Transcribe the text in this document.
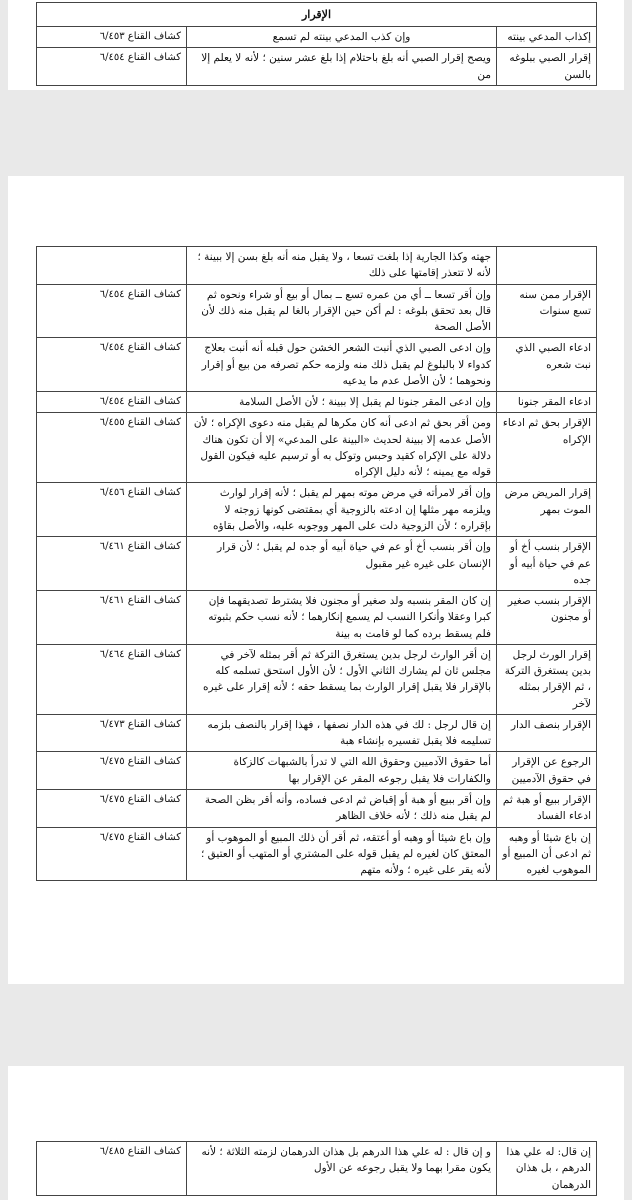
الإقرار		
إكذاب المدعي بينته	وإن كذب المدعي بينته لم تسمع	كشاف القناع ٦/٤٥٣
إقرار الصبي ببلوغه بالسن	ويصح إقرار الصبي أنه بلغ باحتلام إذا بلغ عشر سنين ؛ لأنه لا يعلم إلا من	كشاف القناع ٦/٤٥٤
	جهته وكذا الجارية إذا بلغت تسعا ، ولا يقبل منه أنه بلغ بسن إلا ببينة ؛ لأنه لا تتعذر إقامتها على ذلك	
الإقرار ممن سنه تسع سنوات	وإن أقر تسعا ــ أي من عمره تسع ــ بمال أو بيع أو شراء ونحوه ثم قال بعد تحقق بلوغه : لم أكن حين الإقرار بالغا لم يقبل منه ذلك لأن الأصل الصحة	كشاف القناع ٦/٤٥٤
ادعاء الصبي الذي نبت شعره	وإن ادعى الصبي الذي أنبت الشعر الخشن حول قبله أنه أنبت بعلاج كدواء لا بالبلوغ لم يقبل ذلك منه ولزمه حكم تصرفه من بيع أو إقرار ونحوهما ؛ لأن الأصل عدم ما يدعيه	كشاف القناع ٦/٤٥٤
ادعاء المقر جنونا	وإن ادعى المقر جنونا لم يقبل إلا ببينة ؛ لأن الأصل السلامة	كشاف القناع ٦/٤٥٤
الإقرار بحق ثم ادعاء الإكراه	ومن أقر بحق ثم ادعى أنه كان مكرها لم يقبل منه دعوى الإكراه ؛ لأن الأصل عدمه إلا ببينة لحديث «البينة على المدعي» إلا أن تكون هناك دلالة على الإكراه كقيد وحبس وتوكل به أو ترسيم عليه فيكون القول قوله مع يمينه ؛ لأنه دليل الإكراه	كشاف القناع ٦/٤٥٥
إقرار المريض مرض الموت بمهر	وإن أقر لامرأته في مرض موته بمهر لم يقبل ؛ لأنه إقرار لوارث ويلزمه مهر مثلها إن ادعته بالزوجية أي بمقتضى كونها زوجته لا بإقراره ؛ لأن الزوجية دلت على المهر ووجوبه عليه، والأصل بقاؤه	كشاف القناع ٦/٤٥٦
الإقرار بنسب أخ أو عم في حياة أبيه أو جده	وإن أقر بنسب أخ أو عم في حياة أبيه أو جده لم يقبل ؛ لأن قرار الإنسان على غيره غير مقبول	كشاف القناع ٦/٤٦١
الإقرار بنسب صغير أو مجنون	إن كان المقر بنسبه ولد صغير أو مجنون فلا يشترط تصديقهما فإن كبرا وعقلا وأنكرا النسب لم يسمع إنكارهما ؛ لأنه نسب حكم بثبوته فلم يسقط برده كما لو قامت به بينة	كشاف القناع ٦/٤٦١
إقرار الورث لرجل بدين يستغرق التركة ، ثم الإقرار بمثله لآخر	إن أقر الوارث لرجل بدين يستغرق التركة ثم أقر بمثله لآخر في مجلس ثان لم يشارك الثاني الأول ؛ لأن الأول استحق تسلمه كله بالإقرار فلا يقبل إقرار الوارث بما يسقط حقه ؛ لأنه إقرار على غيره	كشاف القناع ٦/٤٦٤
الإقرار بنصف الدار	إن قال لرجل : لك في هذه الدار نصفها ، فهذا إقرار بالنصف بلزمه تسليمه فلا يقبل تفسيره بإنشاء هبة	كشاف القناع ٦/٤٧٣
الرجوع عن الإقرار في حقوق الآدميين	أما حقوق الآدميين وحقوق الله التي لا تدرأ بالشبهات كالزكاة والكفارات فلا يقبل رجوعه المقر عن الإقرار بها	كشاف القناع ٦/٤٧٥
الإقرار ببيع أو هبة ثم ادعاء الفساد	وإن أقر ببيع أو هبة أو إقباض ثم ادعى فساده، وأنه أقر بظن الصحة لم يقبل منه ذلك ؛ لأنه خلاف الظاهر	كشاف القناع ٦/٤٧٥
إن باع شيئا أو وهبه ثم ادعى أن المبيع أو الموهوب لغيره	وإن باع شيئا أو وهبه أو أعتقه، ثم أقر أن ذلك المبيع أو الموهوب أو المعتق كان لغيره لم يقبل قوله على المشتري أو المتهب أو العتيق ؛ لأنه يقر على غيره ؛ ولأنه متهم	كشاف القناع ٦/٤٧٥
إن قال: له علي هذا الدرهم ، بل هذان الدرهمان	و إن قال : له علي هذا الدرهم بل هذان الدرهمان لزمته الثلاثة ؛ لأنه يكون مقرا بهما ولا يقبل رجوعه عن الأول	كشاف القناع ٦/٤٨٥
